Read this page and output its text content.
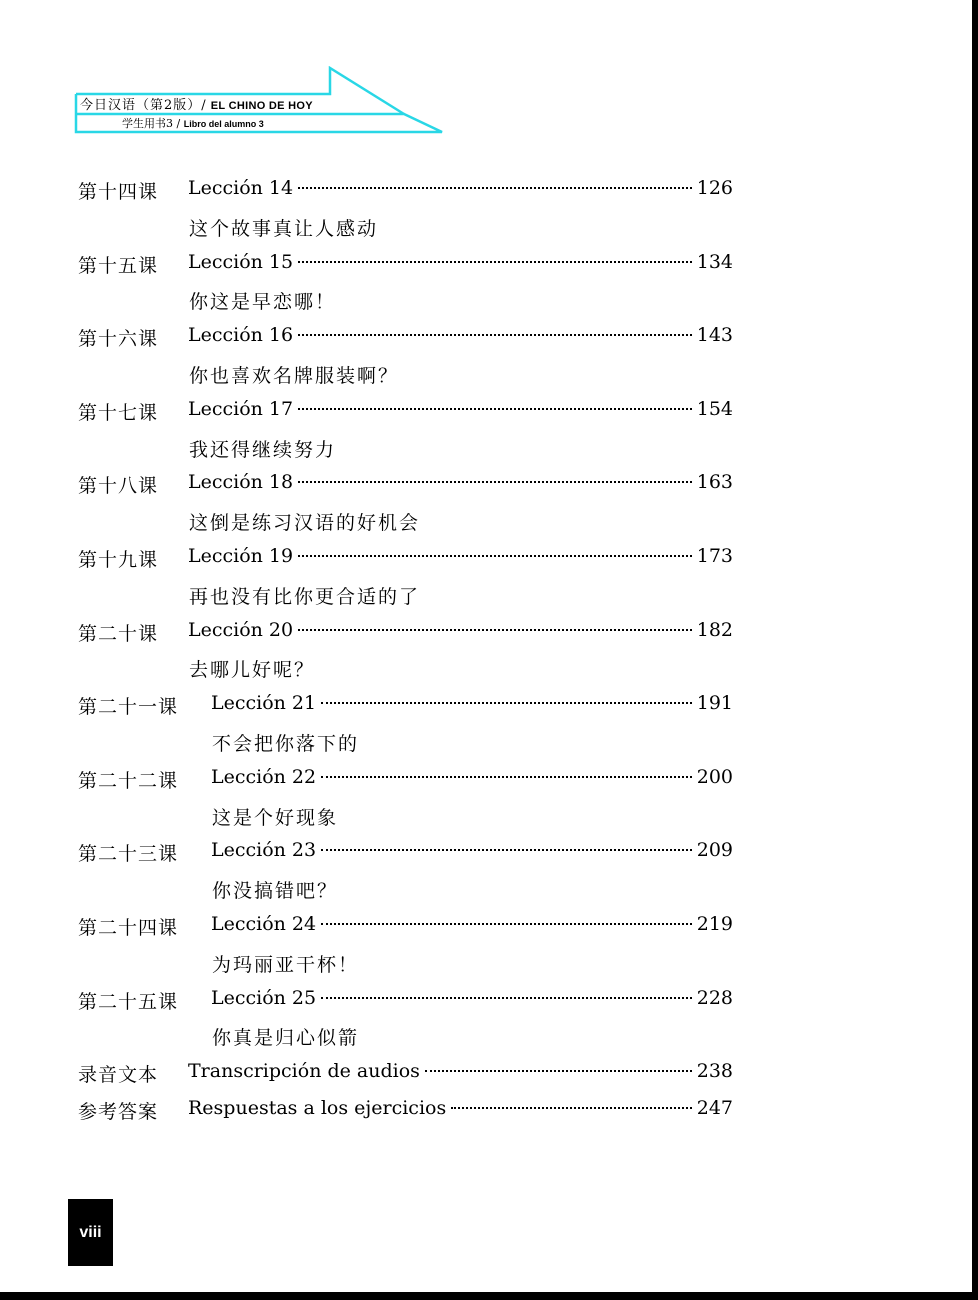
今日汉语（第2版）/ EL CHINO DE HOY
学生用书3 / Libro del alumno 3
第十四课 Lección 14	126
这个故事真让人感动
第十五课 Lección 15	134
你这是早恋哪！
第十六课 Lección 16	143
你也喜欢名牌服装啊？
第十七课 Lección 17	154
我还得继续努力
第十八课 Lección 18	163
这倒是练习汉语的好机会
第十九课 Lección 19	173
再也没有比你更合适的了
第二十课 Lección 20	182
去哪儿好呢？
第二十一课 Lección 21	191
不会把你落下的
第二十二课 Lección 22	200
这是个好现象
第二十三课 Lección 23	209
你没搞错吧？
第二十四课 Lección 24	219
为玛丽亚干杯！
第二十五课 Lección 25	228
你真是归心似箭
录音文本 Transcripción de audios	238
参考答案 Respuestas a los ejercicios	247
viii
